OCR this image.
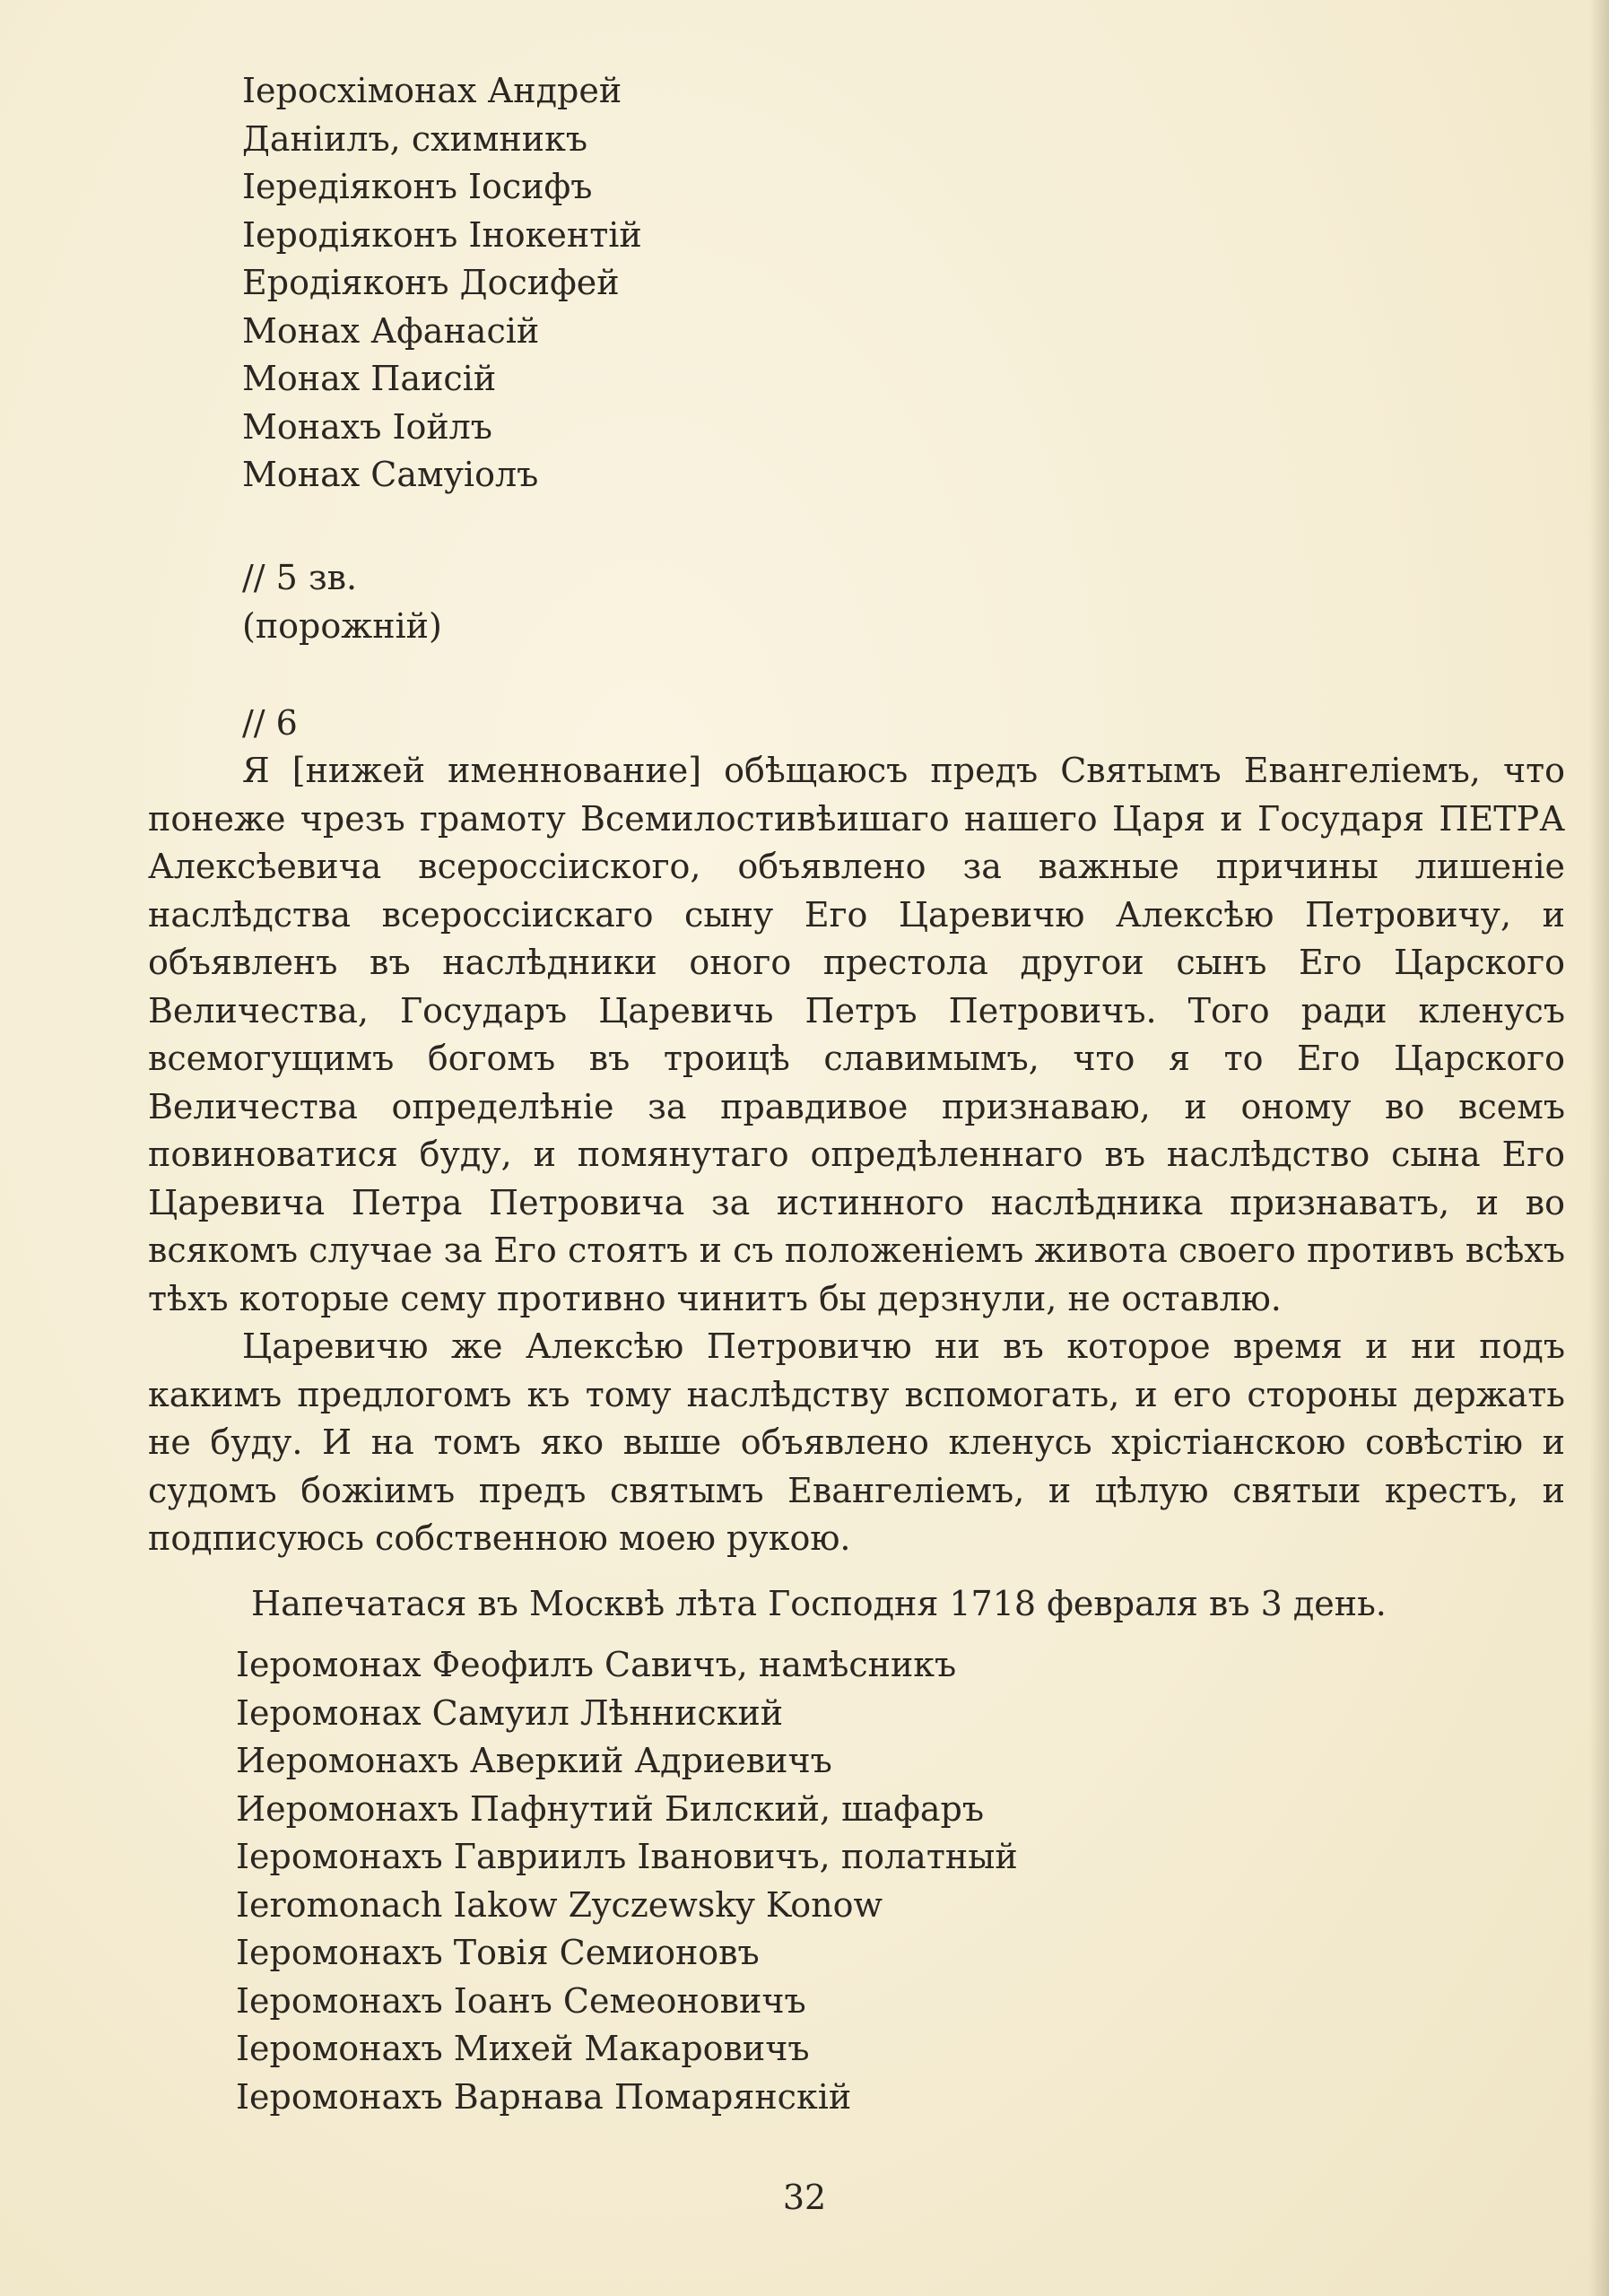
Іеросхімонах Андрей
Даніилъ, схимникъ
Іередіяконъ Іосифъ
Іеродіяконъ Інокентій
Еродіяконъ Досифей
Монах Афанасій
Монах Паисій
Монахъ Іойлъ
Монах Самуіолъ
// 5 зв.
(порожній)
// 6

Я [нижей именнование] обѣщаюсъ предъ Святымъ Евангеліемъ, что понеже чрезъ грамоту Всемилостивѣишаго нашего Царя и Государя ПЕТРА Алексѣевича всероссіиского, объявлено за важные причины лишеніе наслѣдства всероссіискаго сыну Его Царевичю Алексѣю Петровичу, и объявленъ въ наслѣдники оного престола другои сынъ Его Царского Величества, Государъ Царевичь Петръ Петровичъ. Того ради кленусъ всемогущимъ богомъ въ троицѣ славимымъ, что я то Его Царского Величества определѣніе за правдивое признаваю, и оному во всемъ повиноватися буду, и помянутаго опредѣленнаго въ наслѣдство сына Его Царевича Петра Петровича за истинного наслѣдника признаватъ, и во всякомъ случае за Его стоятъ и съ положеніемъ живота своего противъ всѣхъ тѣхъ которые сему противно чинитъ бы дерзнули, не оставлю.

Царевичю же Алексѣю Петровичю ни въ которое время и ни подъ какимъ предлогомъ къ тому наслѣдству вспомогать, и его стороны держать не буду. И на томъ яко выше объявлено кленусь хрістіанскою совѣстію и судомъ божіимъ предъ святымъ Евангеліемъ, и цѣлую святыи крестъ, и подписуюсь собственною моею рукою.

Напечатася въ Москвѣ лѣта Господня 1718 февраля въ 3 день.
Іеромонах Феофилъ Савичъ, намѣсникъ
Іеромонах Самуил Лѣнниский
Иеромонахъ Аверкий Адриевичъ
Иеромонахъ Пафнутий Билский, шафаръ
Іеромонахъ Гавриилъ Івановичъ, полатный
Ieromonach Iakow Zyczewsky Konow
Іеромонахъ Товія Семионовъ
Іеромонахъ Іоанъ Семеоновичъ
Іеромонахъ Михей Макаровичъ
Іеромонахъ Варнава Помарянскій
32
